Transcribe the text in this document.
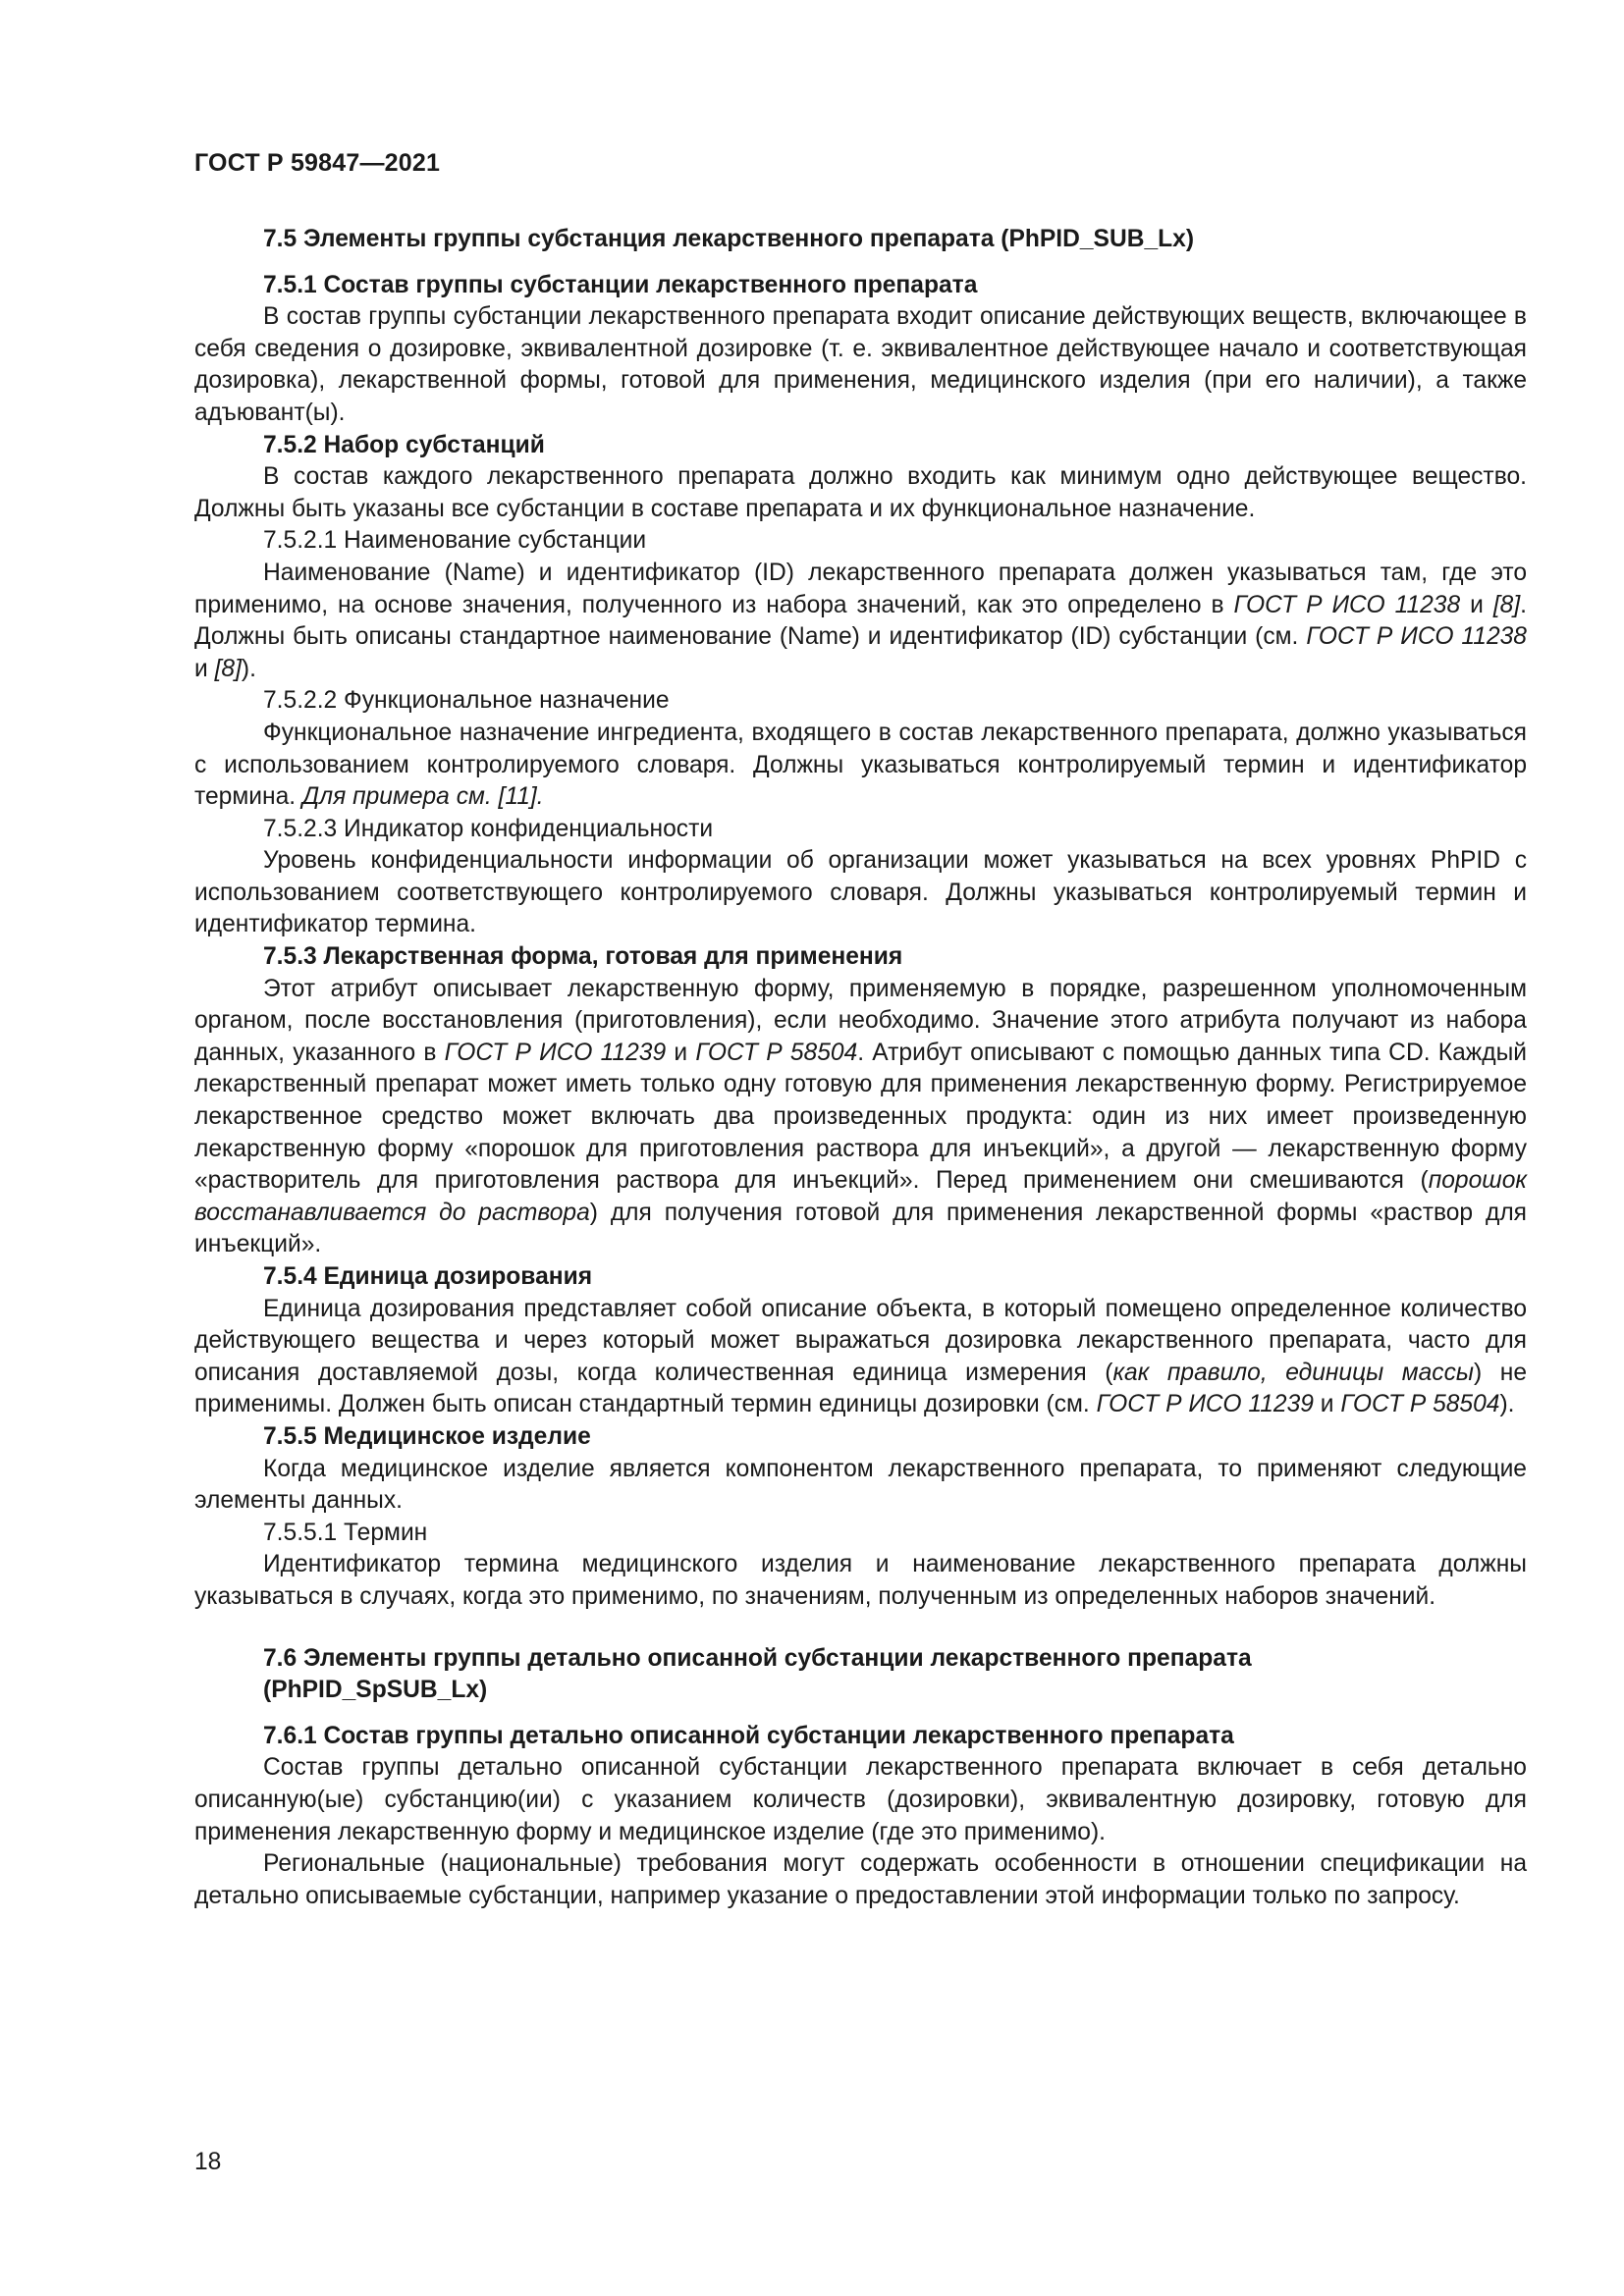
ГОСТ Р 59847—2021

7.5 Элементы группы субстанция лекарственного препарата (PhPID_SUB_Lx)

7.5.1 Состав группы субстанции лекарственного препарата

В состав группы субстанции лекарственного препарата входит описание действующих веществ, включающее в себя сведения о дозировке, эквивалентной дозировке (т. е. эквивалентное действующее начало и соответствующая дозировка), лекарственной формы, готовой для применения, медицинского изделия (при его наличии), а также адъювант(ы).

7.5.2 Набор субстанций

В состав каждого лекарственного препарата должно входить как минимум одно действующее вещество. Должны быть указаны все субстанции в составе препарата и их функциональное назначение.

7.5.2.1 Наименование субстанции

Наименование (Name) и идентификатор (ID) лекарственного препарата должен указываться там, где это применимо, на основе значения, полученного из набора значений, как это определено в ГОСТ Р ИСО 11238 и [8]. Должны быть описаны стандартное наименование (Name) и идентификатор (ID) субстанции (см. ГОСТ Р ИСО 11238 и [8]).

7.5.2.2 Функциональное назначение

Функциональное назначение ингредиента, входящего в состав лекарственного препарата, должно указываться с использованием контролируемого словаря. Должны указываться контролируемый термин и идентификатор термина. Для примера см. [11].

7.5.2.3 Индикатор конфиденциальности

Уровень конфиденциальности информации об организации может указываться на всех уровнях PhPID с использованием соответствующего контролируемого словаря. Должны указываться контролируемый термин и идентификатор термина.

7.5.3 Лекарственная форма, готовая для применения

Этот атрибут описывает лекарственную форму, применяемую в порядке, разрешенном уполномоченным органом, после восстановления (приготовления), если необходимо. Значение этого атрибута получают из набора данных, указанного в ГОСТ Р ИСО 11239 и ГОСТ Р 58504. Атрибут описывают с помощью данных типа CD. Каждый лекарственный препарат может иметь только одну готовую для применения лекарственную форму. Регистрируемое лекарственное средство может включать два произведенных продукта: один из них имеет произведенную лекарственную форму «порошок для приготовления раствора для инъекций», а другой — лекарственную форму «растворитель для приготовления раствора для инъекций». Перед применением они смешиваются (порошок восстанавливается до раствора) для получения готовой для применения лекарственной формы «раствор для инъекций».

7.5.4 Единица дозирования

Единица дозирования представляет собой описание объекта, в который помещено определенное количество действующего вещества и через который может выражаться дозировка лекарственного препарата, часто для описания доставляемой дозы, когда количественная единица измерения (как правило, единицы массы) не применимы. Должен быть описан стандартный термин единицы дозировки (см. ГОСТ Р ИСО 11239 и ГОСТ Р 58504).

7.5.5 Медицинское изделие

Когда медицинское изделие является компонентом лекарственного препарата, то применяют следующие элементы данных.

7.5.5.1 Термин

Идентификатор термина медицинского изделия и наименование лекарственного препарата должны указываться в случаях, когда это применимо, по значениям, полученным из определенных наборов значений.

7.6 Элементы группы детально описанной субстанции лекарственного препарата
(PhPID_SpSUB_Lx)

7.6.1 Состав группы детально описанной субстанции лекарственного препарата

Состав группы детально описанной субстанции лекарственного препарата включает в себя детально описанную(ые) субстанцию(ии) с указанием количеств (дозировки), эквивалентную дозировку, готовую для применения лекарственную форму и медицинское изделие (где это применимо).

Региональные (национальные) требования могут содержать особенности в отношении спецификации на детально описываемые субстанции, например указание о предоставлении этой информации только по запросу.

18
